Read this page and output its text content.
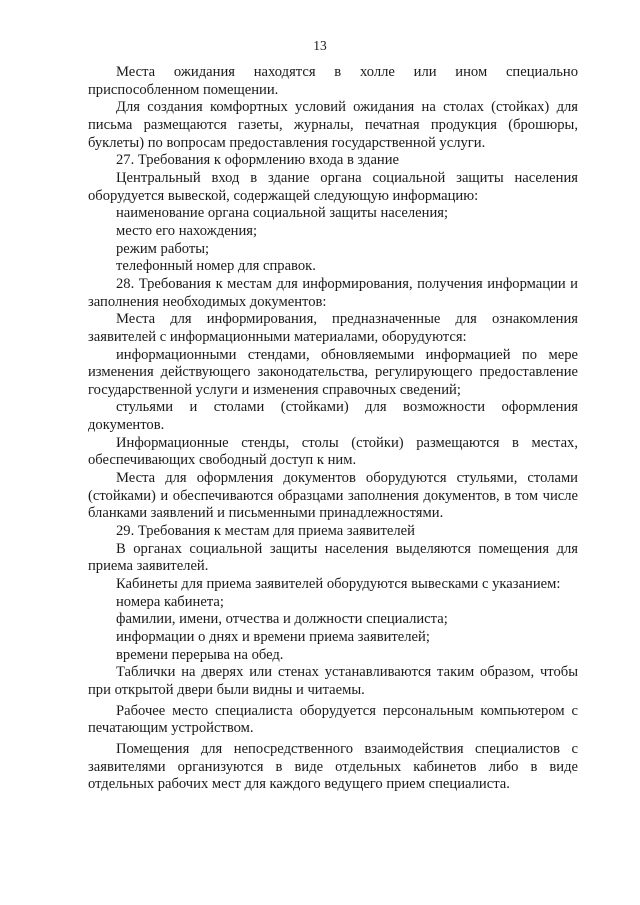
13

Места ожидания находятся в холле или ином специально приспособленном помещении.

Для создания комфортных условий ожидания на столах (стойках) для письма размещаются газеты, журналы, печатная продукция (брошюры, буклеты) по вопросам предоставления государственной услуги.

27. Требования к оформлению входа в здание

Центральный вход в здание органа социальной защиты населения оборудуется вывеской, содержащей следующую информацию:

наименование органа социальной защиты населения;

место его нахождения;

режим работы;

телефонный номер для справок.

28. Требования к местам для информирования, получения информации и заполнения необходимых документов:

Места для информирования, предназначенные для ознакомления заявителей с информационными материалами, оборудуются:

информационными стендами, обновляемыми информацией по мере изменения действующего законодательства, регулирующего предоставление государственной услуги и изменения справочных сведений;

стульями и столами (стойками) для возможности оформления документов.

Информационные стенды, столы (стойки) размещаются в местах, обеспечивающих свободный доступ к ним.

Места для оформления документов оборудуются стульями, столами (стойками) и обеспечиваются образцами заполнения документов, в том числе бланками заявлений и письменными принадлежностями.

29. Требования к местам для приема заявителей

В органах социальной защиты населения выделяются помещения для приема заявителей.

Кабинеты для приема заявителей оборудуются вывесками с указанием:

номера кабинета;

фамилии, имени, отчества и должности специалиста;

информации о днях и времени приема заявителей;

времени перерыва на обед.

Таблички на дверях или стенах устанавливаются таким образом, чтобы при открытой двери были видны и читаемы.

Рабочее место специалиста оборудуется персональным компьютером с печатающим устройством.

Помещения для непосредственного взаимодействия специалистов с заявителями организуются в виде отдельных кабинетов либо в виде отдельных рабочих мест для каждого ведущего прием специалиста.
